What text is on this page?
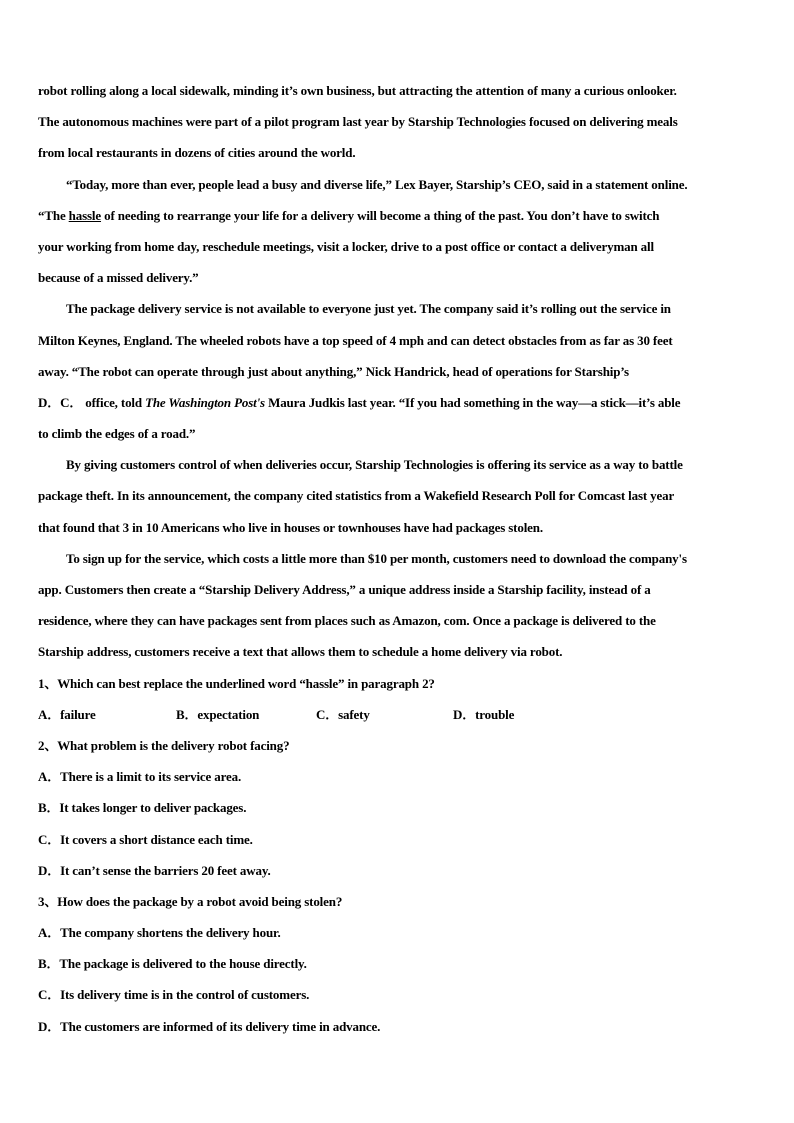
robot rolling along a local sidewalk, minding it’s own business, but attracting the attention of many a curious onlooker.
The autonomous machines were part of a pilot program last year by Starship Technologies focused on delivering meals
from local restaurants in dozens of cities around the world.
“Today, more than ever, people lead a busy and diverse life,” Lex Bayer, Starship’s CEO, said in a statement online.
“The hassle of needing to rearrange your life for a delivery will become a thing of the past. You don’t have to switch
your working from home day, reschedule meetings, visit a locker, drive to a post office or contact a deliveryman all
because of a missed delivery.”
The package delivery service is not available to everyone just yet. The company said it’s rolling out the service in
Milton Keynes, England. The wheeled robots have a top speed of 4 mph and can detect obstacles from as far as 30 feet
away. “The robot can operate through just about anything,” Nick Handrick, head of operations for Starship’s
D．C． office, told The Washington Post's Maura Judkis last year. “If you had something in the way—a stick—it’s able
to climb the edges of a road.”
By giving customers control of when deliveries occur, Starship Technologies is offering its service as a way to battle
package theft. In its announcement, the company cited statistics from a Wakefield Research Poll for Comcast last year
that found that 3 in 10 Americans who live in houses or townhouses have had packages stolen.
To sign up for the service, which costs a little more than $10 per month, customers need to download the company's
app. Customers then create a “Starship Delivery Address,” a unique address inside a Starship facility, instead of a
residence, where they can have packages sent from places such as Amazon, com. Once a package is delivered to the
Starship address, customers receive a text that allows them to schedule a home delivery via robot.
1、Which can best replace the underlined word “hassle” in paragraph 2?
A．failure	B．expectation	C．safety	D．trouble
2、What problem is the delivery robot facing?
A．There is a limit to its service area.
B．It takes longer to deliver packages.
C．It covers a short distance each time.
D．It can’t sense the barriers 20 feet away.
3、How does the package by a robot avoid being stolen?
A．The company shortens the delivery hour.
B．The package is delivered to the house directly.
C．Its delivery time is in the control of customers.
D．The customers are informed of its delivery time in advance.
